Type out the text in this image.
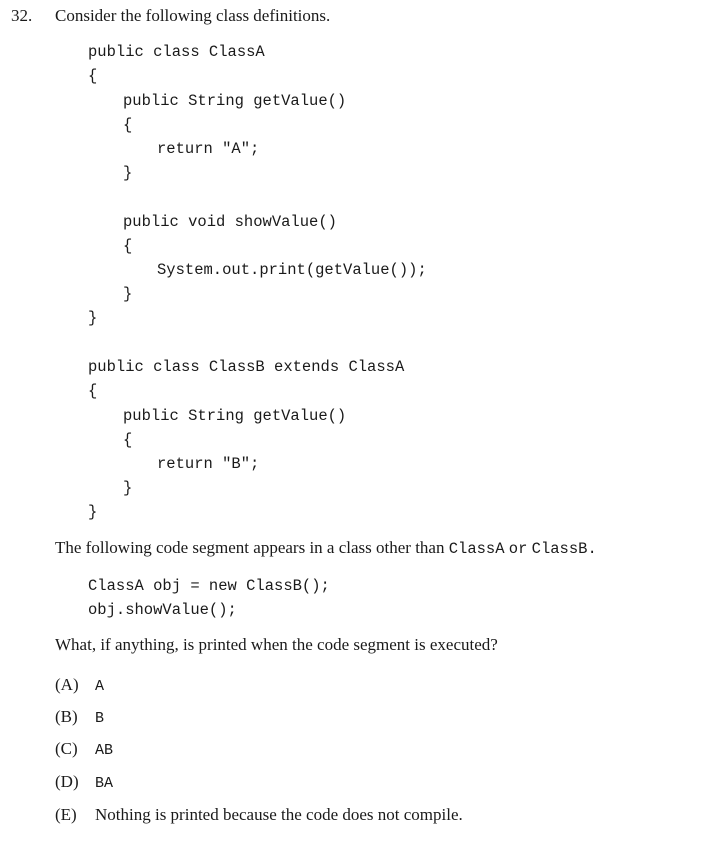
32. Consider the following class definitions.

public class ClassA

{

public String getValue()

{

return "A";

}

public void showValue()

{

System.out.print(getValue());

}

}

public class ClassB extends ClassA

{

public String getValue()

{

return "B";

}

}

The following code segment appears in a class other than ClassA or ClassB.

ClassA obj = new ClassB();

obj.showValue();

What, if anything, is printed when the code segment is executed?
(A) A
(B) B
(C) AB
(D) BA
(E) Nothing is printed because the code does not compile.
